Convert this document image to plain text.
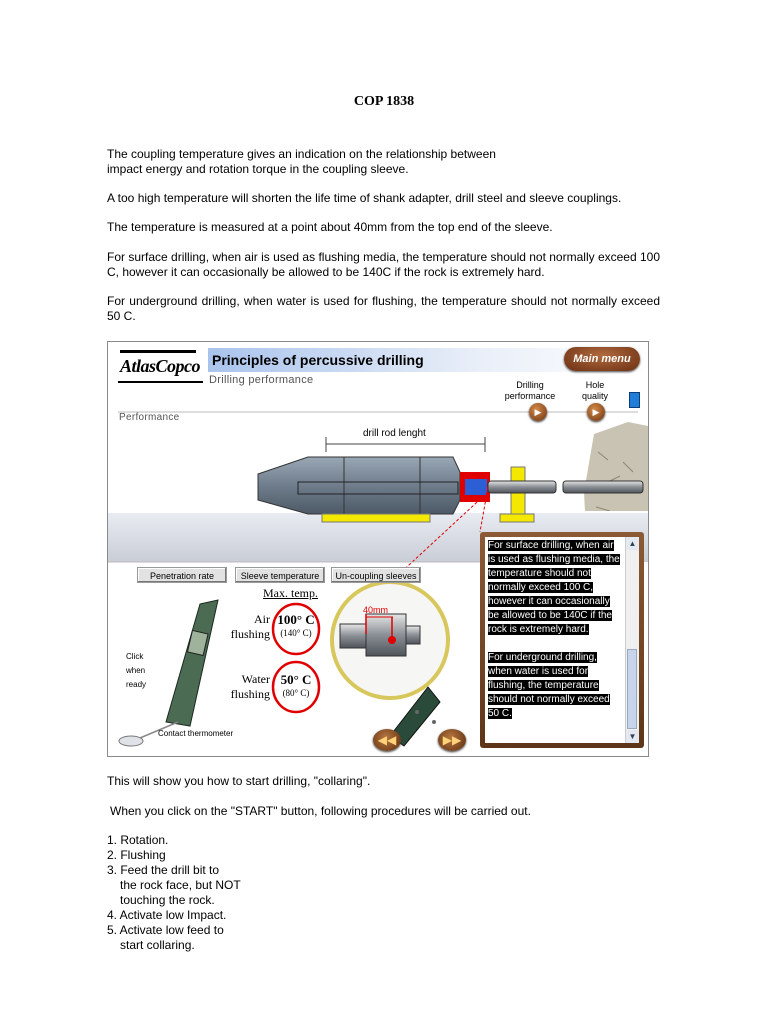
COP 1838

The coupling temperature gives an indication on the relationship between impact energy and rotation torque in the coupling sleeve.

A too high temperature will shorten the life time of shank adapter, drill steel and sleeve couplings.

The temperature is measured at a point about 40mm from the top end of the sleeve.

For surface drilling, when air is used as flushing media, the temperature should not normally exceed 100 C, however it can occasionally be allowed to be 140C if the rock is extremely hard.

For underground drilling, when water is used for flushing, the temperature should not normally exceed 50 C.

AtlasCopco Principles of percussive drilling
Drilling performance
Main menu
Drilling performance
▶
Hole quality
▶
Performance
drill rod lenght
Penetration rate	Sleeve temperature	Un-coupling sleeves
Max. temp.
Air flushing
100° C
(140° C)
Water flushing
50° C
(80° C)
40mm
Click when ready
Contact thermometer
For surface drilling, when air is used as flushing media, the temperature should not normally exceed 100 C, however it can occasionally be allowed to be 140C if the rock is extremely hard.

For underground drilling, when water is used for flushing, the temperature should not normally exceed 50 C.
▲
▼
◀◀	▶▶

This will show you how to start drilling, "collaring".

When you click on the "START" button, following procedures will be carried out.

1. Rotation.
2. Flushing
3. Feed the drill bit to
the rock face, but NOT
touching the rock.
4. Activate low Impact.
5. Activate low feed to
start collaring.
